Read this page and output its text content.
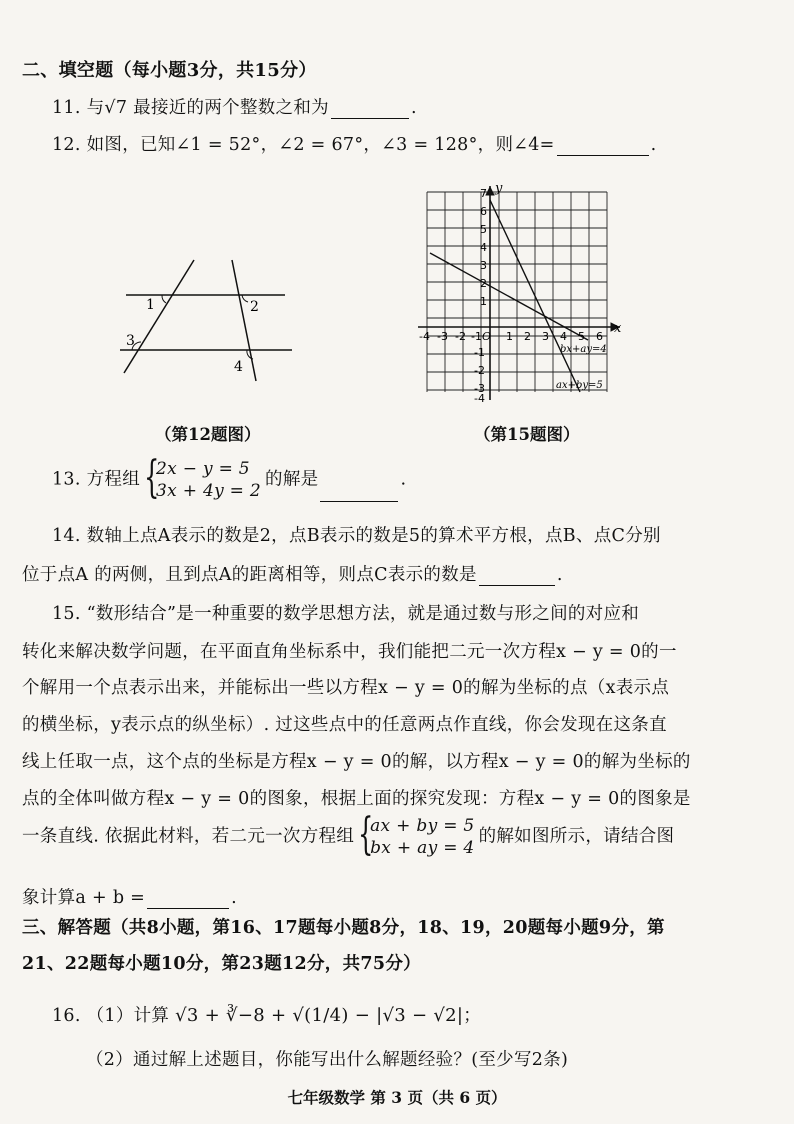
二、填空题（每小题3分，共15分）
11. 与√7 最接近的两个整数之和为	.
12. 如图，已知∠1 = 52°，∠2 = 67°，∠3 = 128°，则∠4=	.
1	2
3
4
（第12题图）
y
x
O
-4 -3 -2 -1 1 2 3 4 5 6
7
6
5
4
3
2
1
-1
-2
-3
-4
bx+ay=4
ax+by=5
（第15题图）
13. 方程组 {
2x − y = 5
3x + 4y = 2
的解是	.
14. 数轴上点A表示的数是2，点B表示的数是5的算术平方根，点B、点C分别
位于点A 的两侧，且到点A的距离相等，则点C表示的数是	.
15. “数形结合”是一种重要的数学思想方法，就是通过数与形之间的对应和
转化来解决数学问题，在平面直角坐标系中，我们能把二元一次方程x − y = 0的一
个解用一个点表示出来，并能标出一些以方程x − y = 0的解为坐标的点（x表示点
的横坐标，y表示点的纵坐标）. 过这些点中的任意两点作直线，你会发现在这条直
线上任取一点，这个点的坐标是方程x − y = 0的解，以方程x − y = 0的解为坐标的
点的全体叫做方程x − y = 0的图象，根据上面的探究发现：方程x − y = 0的图象是
一条直线. 依据此材料，若二元一次方程组 {
ax + by = 5
bx + ay = 4
的解如图所示，请结合图
象计算a + b =	.
三、解答题（共8小题，第16、17题每小题8分，18、19，20题每小题9分，第
21、22题每小题10分，第23题12分，共75分）
16. （1）计算 √3 + ∛−8 + √(1/4) − |√3 − √2|；
（2）通过解上述题目，你能写出什么解题经验？(至少写2条)
七年级数学 第 3 页（共 6 页）
